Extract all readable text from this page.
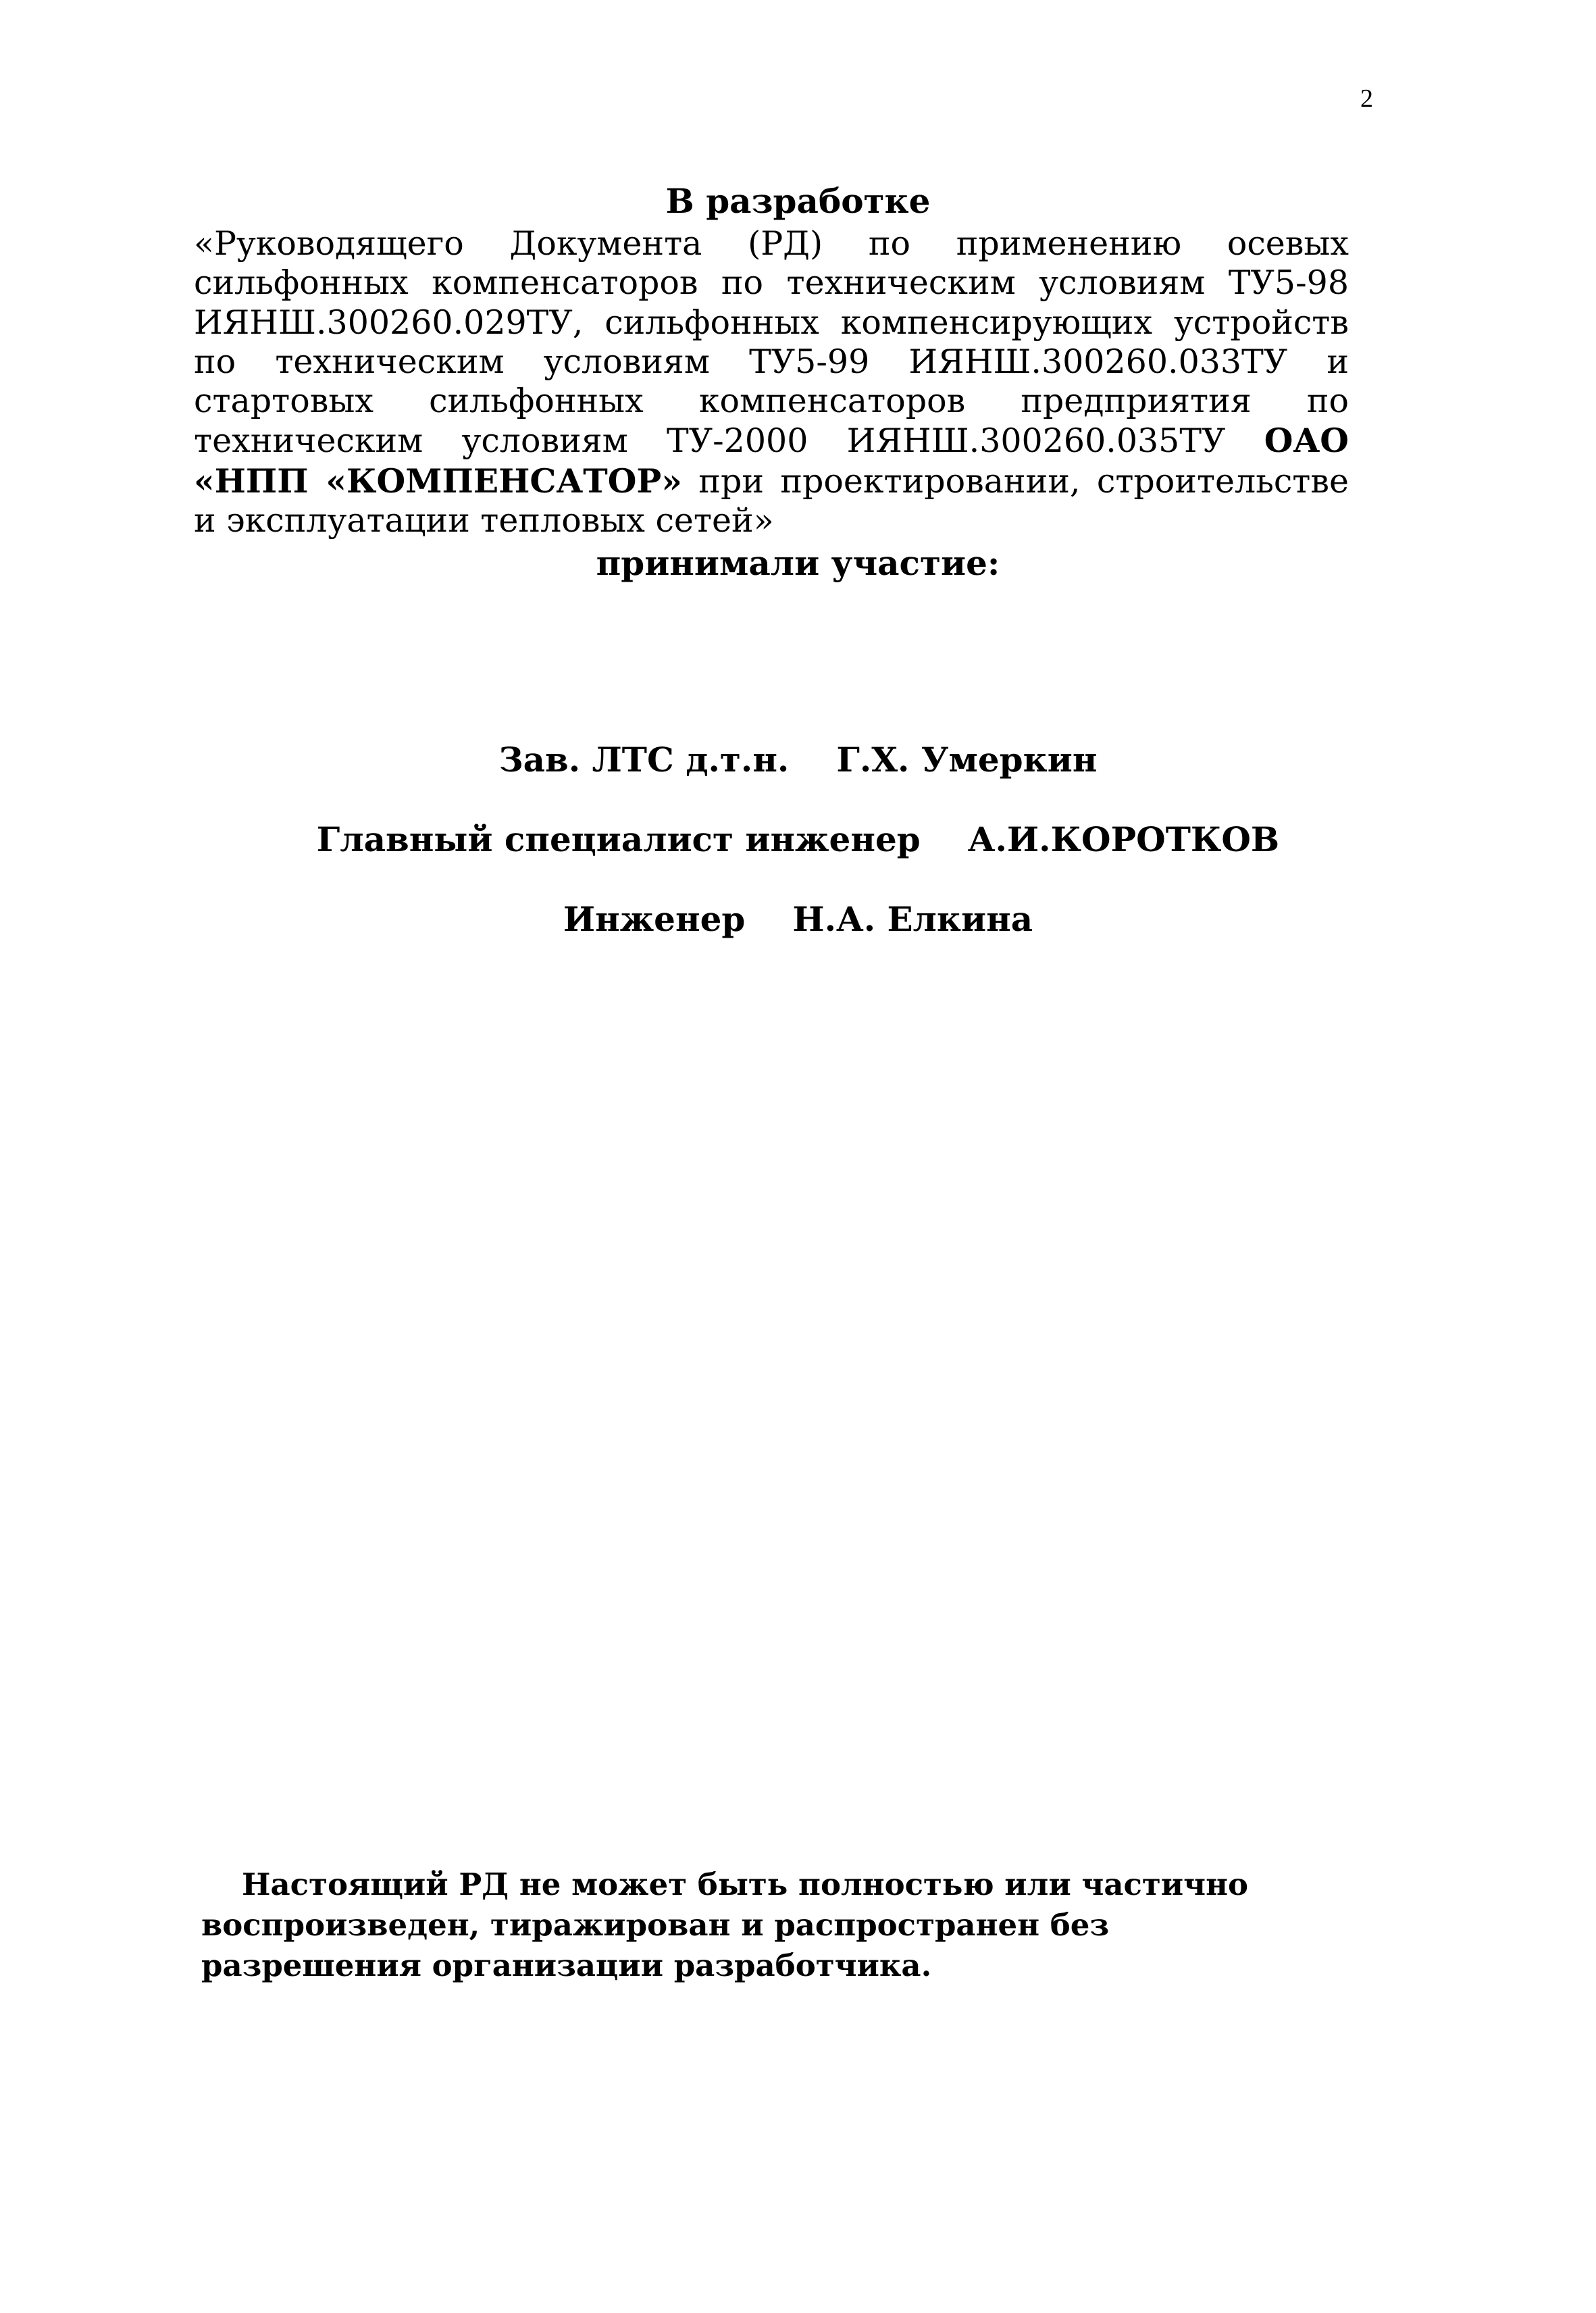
2
В разработке

«Руководящего Документа (РД) по применению осевых сильфонных компенсаторов по техническим условиям ТУ5-98 ИЯНШ.300260.029ТУ, сильфонных компенсирующих устройств по техническим условиям ТУ5-99 ИЯНШ.300260.033ТУ и стартовых сильфонных компенсаторов предприятия по техническим условиям ТУ-2000 ИЯНШ.300260.035ТУ ОАО «НПП «КОМПЕНСАТОР» при проектировании, строительстве и эксплуатации тепловых сетей»

принимали участие:
Зав. ЛТС д.т.н. Г.Х. Умеркин
Главный специалист инженер А.И.КОРОТКОВ
Инженер Н.А. Елкина

Настоящий РД не может быть полностью или частично воспроизведен, тиражирован и распространен без разрешения организации разработчика.
